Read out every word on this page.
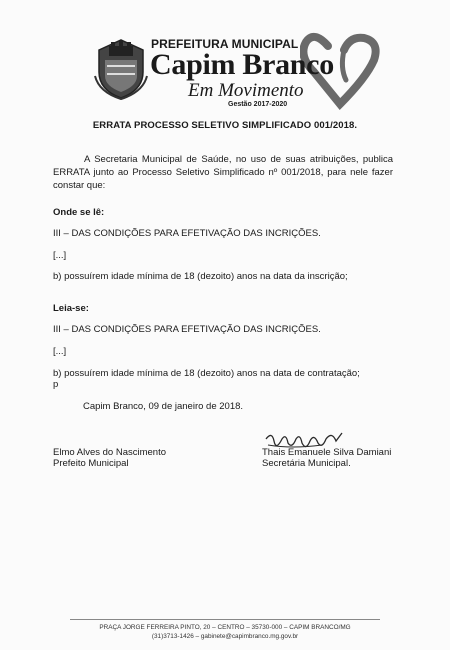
PREFEITURA MUNICIPAL
Capim Branco
Em Movimento
Gestão 2017-2020
ERRATA PROCESSO SELETIVO SIMPLIFICADO 001/2018.

A Secretaria Municipal de Saúde, no uso de suas atribuições, publica ERRATA junto ao Processo Seletivo Simplificado nº 001/2018, para nele fazer constar que:

Onde se lê:
III – DAS CONDIÇÕES PARA EFETIVAÇÃO DAS INCRIÇÕES.
[...]
b) possuírem idade mínima de 18 (dezoito) anos na data da inscrição;
Leia-se:
III – DAS CONDIÇÕES PARA EFETIVAÇÃO DAS INCRIÇÕES.
[...]
b) possuírem idade mínima de 18 (dezoito) anos na data de contratação;
p
Capim Branco, 09 de janeiro de 2018.
Elmo Alves do Nascimento
Prefeito Municipal
Thais Emanuele Silva Damiani
Secretária Municipal.
PRAÇA JORGE FERREIRA PINTO, 20 – CENTRO – 35730-000 – CAPIM BRANCO/MG
(31)3713-1426 – gabinete@capimbranco.mg.gov.br
